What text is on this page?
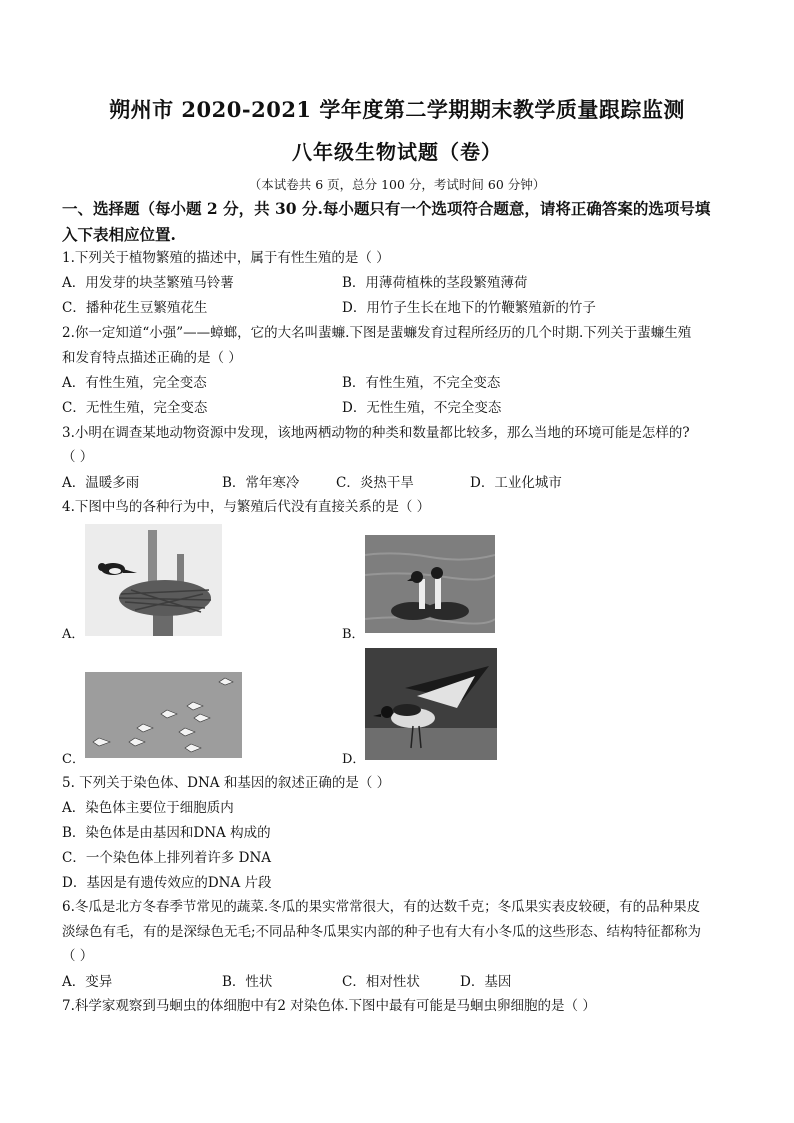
朔州市 2020-2021 学年度第二学期期末教学质量跟踪监测
八年级生物试题（卷）
（本试卷共 6 页，总分 100 分，考试时间 60 分钟）
一、选择题（每小题 2 分，共 30 分.每小题只有一个选项符合题意，请将正确答案的选项号填
入下表相应位置.
1.下列关于植物繁殖的描述中，属于有性生殖的是（ ）
A．用发芽的块茎繁殖马铃薯	B．用薄荷植株的茎段繁殖薄荷
C．播种花生豆繁殖花生	D．用竹子生长在地下的竹鞭繁殖新的竹子
2.你一定知道“小强”——蟑螂，它的大名叫蜚蠊.下图是蜚蠊发育过程所经历的几个时期.下列关于蜚蠊生殖
和发育特点描述正确的是（ ）
A．有性生殖，完全变态	B．有性生殖，不完全变态
C．无性生殖，完全变态	D．无性生殖，不完全变态
3.小明在调查某地动物资源中发现，该地两栖动物的种类和数量都比较多，那么当地的环境可能是怎样的?
（ ）
A．温暖多雨	B．常年寒冷	C．炎热干旱	D．工业化城市
4.下图中鸟的各种行为中，与繁殖后代没有直接关系的是（ ）
A．	B．
C．	D．
5. 下列关于染色体、DNA 和基因的叙述正确的是（ ）
A．染色体主要位于细胞质内
B．染色体是由基因和DNA 构成的
C．一个染色体上排列着许多 DNA
D．基因是有遗传效应的DNA 片段
6.冬瓜是北方冬春季节常见的蔬菜.冬瓜的果实常常很大，有的达数千克；冬瓜果实表皮较硬，有的品种果皮
淡绿色有毛，有的是深绿色无毛;不同品种冬瓜果实内部的种子也有大有小冬瓜的这些形态、结构特征都称为
（ ）
A．变异	B．性状	C．相对性状	D．基因
7.科学家观察到马蛔虫的体细胞中有2 对染色体.下图中最有可能是马蛔虫卵细胞的是（ ）
